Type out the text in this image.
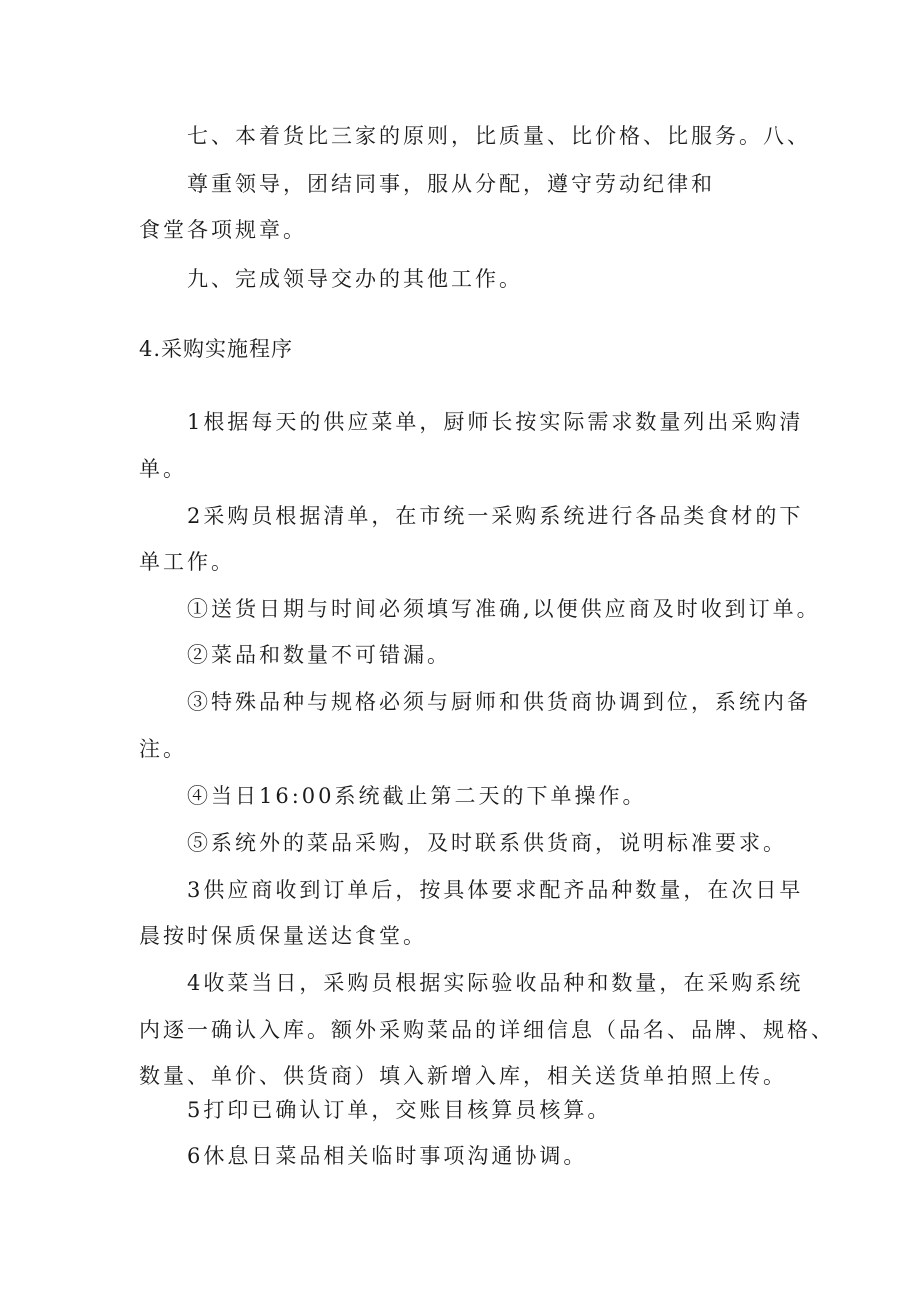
七、本着货比三家的原则，比质量、比价格、比服务。八、
尊重领导，团结同事，服从分配，遵守劳动纪律和
食堂各项规章。
九、完成领导交办的其他工作。
4.采购实施程序
1根据每天的供应菜单，厨师长按实际需求数量列出采购清
单。
2采购员根据清单，在市统一采购系统进行各品类食材的下
单工作。
①送货日期与时间必须填写准确,以便供应商及时收到订单。
②菜品和数量不可错漏。
③特殊品种与规格必须与厨师和供货商协调到位，系统内备
注。
④当日16:00系统截止第二天的下单操作。
⑤系统外的菜品采购，及时联系供货商，说明标准要求。
3供应商收到订单后，按具体要求配齐品种数量，在次日早
晨按时保质保量送达食堂。
4收菜当日，采购员根据实际验收品种和数量，在采购系统
内逐一确认入库。额外采购菜品的详细信息（品名、品牌、规格、
数量、单价、供货商）填入新增入库，相关送货单拍照上传。
5打印已确认订单，交账目核算员核算。
6休息日菜品相关临时事项沟通协调。
